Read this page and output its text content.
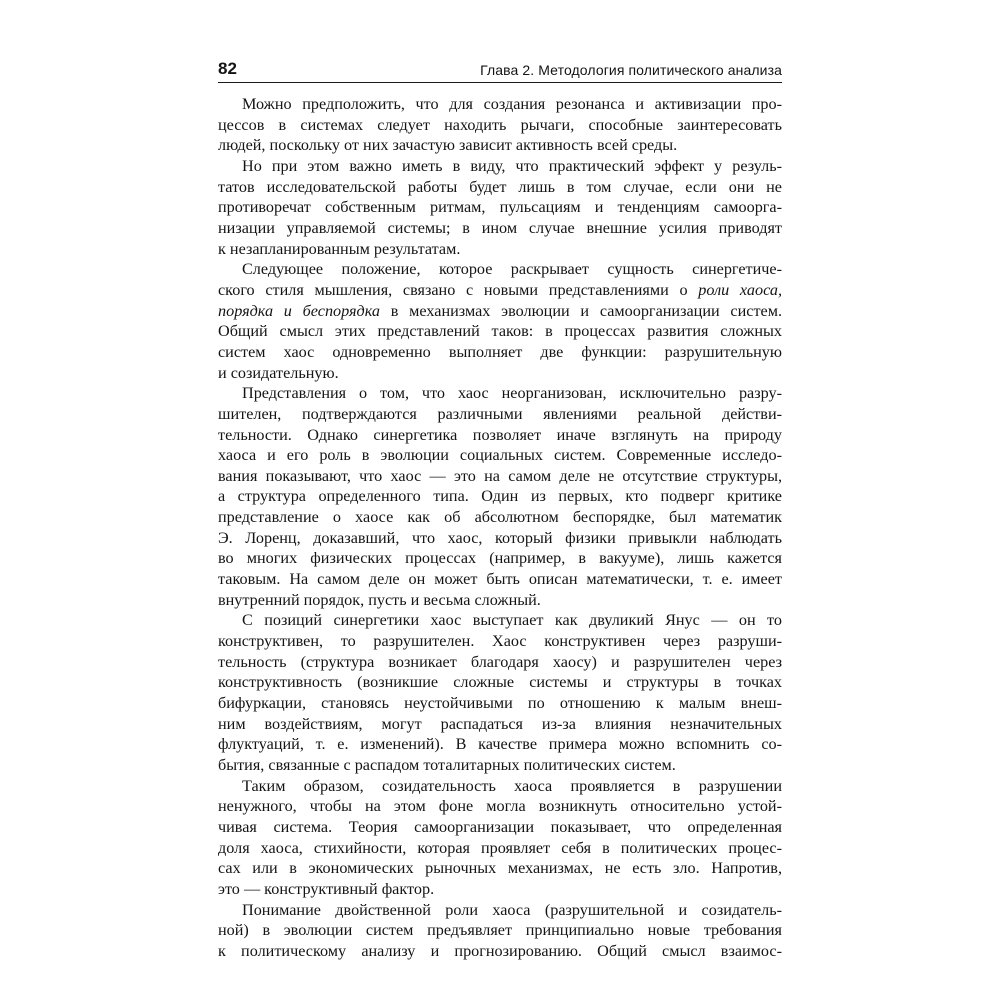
82	Глава 2. Методология политического анализа
Можно предположить, что для создания резонанса и активизации про-
цессов в системах следует находить рычаги, способные заинтересовать
людей, поскольку от них зачастую зависит активность всей среды.
Но при этом важно иметь в виду, что практический эффект у резуль-
татов исследовательской работы будет лишь в том случае, если они не
противоречат собственным ритмам, пульсациям и тенденциям самоорга-
низации управляемой системы; в ином случае внешние усилия приводят
к незапланированным результатам.
Следующее положение, которое раскрывает сущность синергетиче-
ского стиля мышления, связано с новыми представлениями о роли хаоса,
порядка и беспорядка в механизмах эволюции и самоорганизации систем.
Общий смысл этих представлений таков: в процессах развития сложных
систем хаос одновременно выполняет две функции: разрушительную
и созидательную.
Представления о том, что хаос неорганизован, исключительно разру-
шителен, подтверждаются различными явлениями реальной действи-
тельности. Однако синергетика позволяет иначе взглянуть на природу
хаоса и его роль в эволюции социальных систем. Современные исследо-
вания показывают, что хаос — это на самом деле не отсутствие структуры,
а структура определенного типа. Один из первых, кто подверг критике
представление о хаосе как об абсолютном беспорядке, был математик
Э. Лоренц, доказавший, что хаос, который физики привыкли наблюдать
во многих физических процессах (например, в вакууме), лишь кажется
таковым. На самом деле он может быть описан математически, т. е. имеет
внутренний порядок, пусть и весьма сложный.
С позиций синергетики хаос выступает как двуликий Янус — он то
конструктивен, то разрушителен. Хаос конструктивен через разруши-
тельность (структура возникает благодаря хаосу) и разрушителен через
конструктивность (возникшие сложные системы и структуры в точках
бифуркации, становясь неустойчивыми по отношению к малым внеш-
ним воздействиям, могут распадаться из-за влияния незначительных
флуктуаций, т. е. изменений). В качестве примера можно вспомнить со-
бытия, связанные с распадом тоталитарных политических систем.
Таким образом, созидательность хаоса проявляется в разрушении
ненужного, чтобы на этом фоне могла возникнуть относительно устой-
чивая система. Теория самоорганизации показывает, что определенная
доля хаоса, стихийности, которая проявляет себя в политических процес-
сах или в экономических рыночных механизмах, не есть зло. Напротив,
это — конструктивный фактор.
Понимание двойственной роли хаоса (разрушительной и созидатель-
ной) в эволюции систем предъявляет принципиально новые требования
к политическому анализу и прогнозированию. Общий смысл взаимос-
